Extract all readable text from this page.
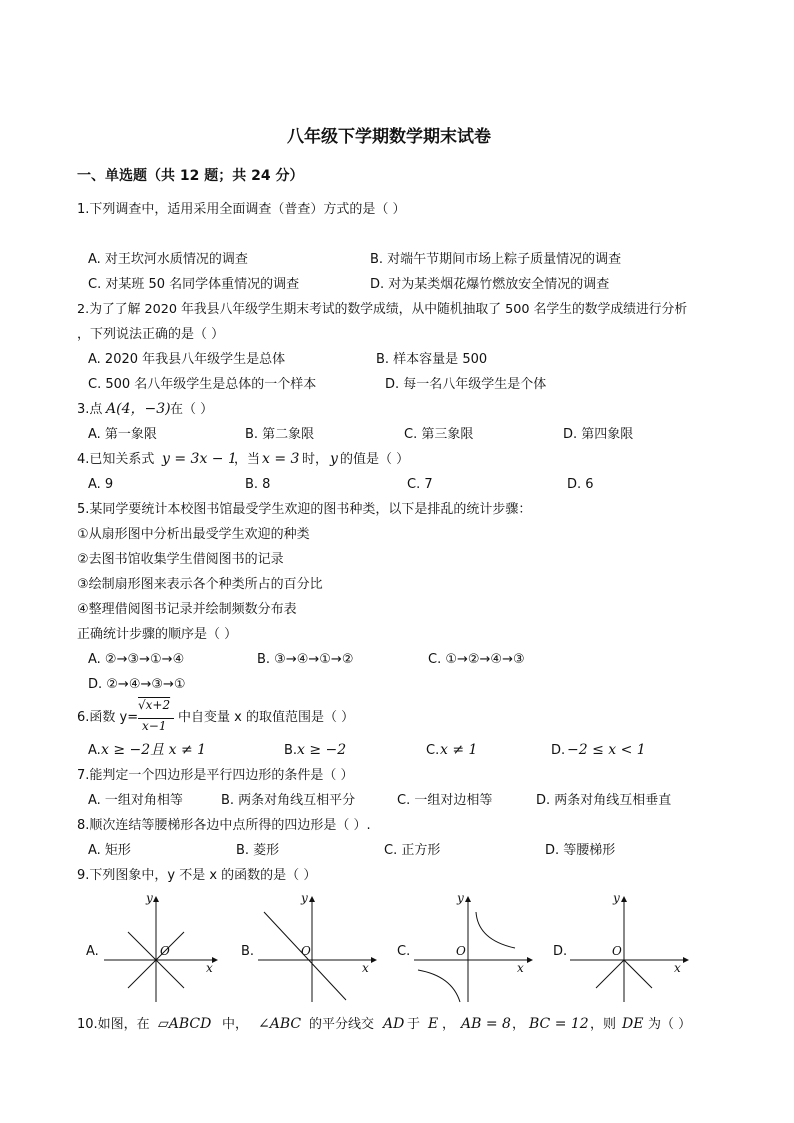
八年级下学期数学期末试卷
一、单选题（共 12 题；共 24 分）
1.下列调查中，适用采用全面调查（普查）方式的是（ ）
A. 对王坎河水质情况的调查	B. 对端午节期间市场上粽子质量情况的调查
C. 对某班 50 名同学体重情况的调查	D. 对为某类烟花爆竹燃放安全情况的调查
2.为了了解 2020 年我县八年级学生期末考试的数学成绩，从中随机抽取了 500 名学生的数学成绩进行分析
，下列说法正确的是（ ）
A. 2020 年我县八年级学生是总体	B. 样本容量是 500
C. 500 名八年级学生是总体的一个样本	D. 每一名八年级学生是个体
3.点 A(4，−3) 在（ ）
A. 第一象限	B. 第二象限	C. 第三象限	D. 第四象限
4.已知关系式 y = 3x − 1
，当 x = 3 时， y 的值是（ ）
A. 9	B. 8	C. 7	D. 6
5.某同学要统计本校图书馆最受学生欢迎的图书种类，以下是排乱的统计步骤：
①从扇形图中分析出最受学生欢迎的种类
②去图书馆收集学生借阅图书的记录
③绘制扇形图来表示各个种类所占的百分比
④整理借阅图书记录并绘制频数分布表
正确统计步骤的顺序是（ ）
A. ②→③→①→④	B. ③→④→①→②	C. ①→②→④→③
D. ②→④→③→①
6.函数 y=
√x+2
x−1
中自变量 x 的取值范围是（ ）
A. x ≥ −2且 x ≠ 1	B. x ≥ −2	C. x ≠ 1	D. −2 ≤ x < 1
7.能判定一个四边形是平行四边形的条件是（ ）
A. 一组对角相等	B. 两条对角线互相平分	C. 一组对边相等	D. 两条对角线互相垂直
8.顺次连结等腰梯形各边中点所得的四边形是（ ）.
A. 矩形	B. 菱形	C. 正方形	D. 等腰梯形
9.下列图象中，y 不是 x 的函数的是（ ）
A.
y
O
x
B.
y
O
x
C.
y
O
x
D.
y
O
x
10.如图，在 ▱ABCD 中， ∠ABC 的平分线交 AD 于 E ， AB = 8 ， BC = 12 ，则 DE 为（ ）
